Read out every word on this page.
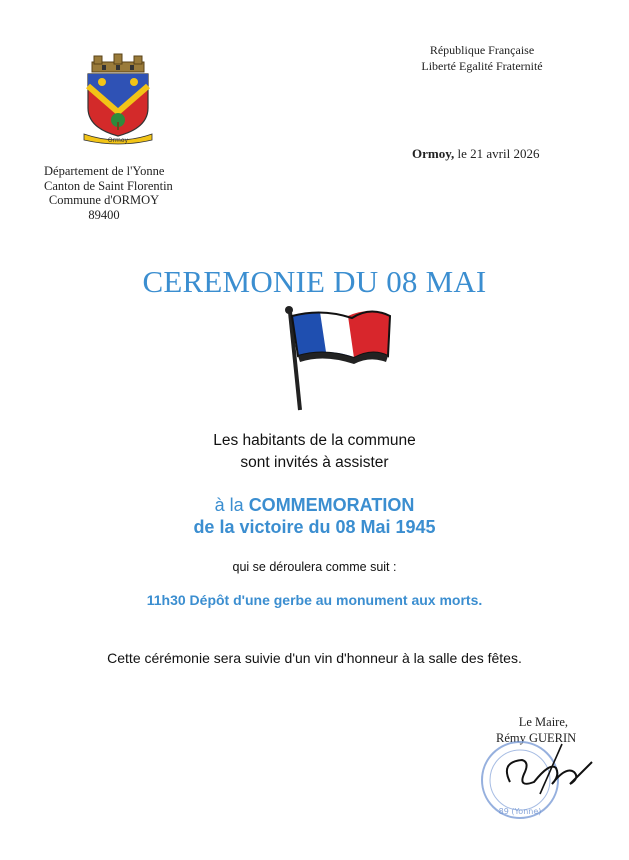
République Française
Liberté Egalité Fraternité
Ormoy
Ormoy, le 21 avril 2026
Département de l'Yonne
Canton de Saint Florentin
Commune d'ORMOY
89400
CEREMONIE DU 08 MAI
Les habitants de la commune
sont invités à assister
à la COMMEMORATION
de la victoire du 08 Mai 1945
qui se déroulera comme suit :
11h30 Dépôt d'une gerbe au monument aux morts.
Cette cérémonie sera suivie d'un vin d'honneur à la salle des fêtes.
Le Maire,
Rémy GUERIN
89 (Yonne)
